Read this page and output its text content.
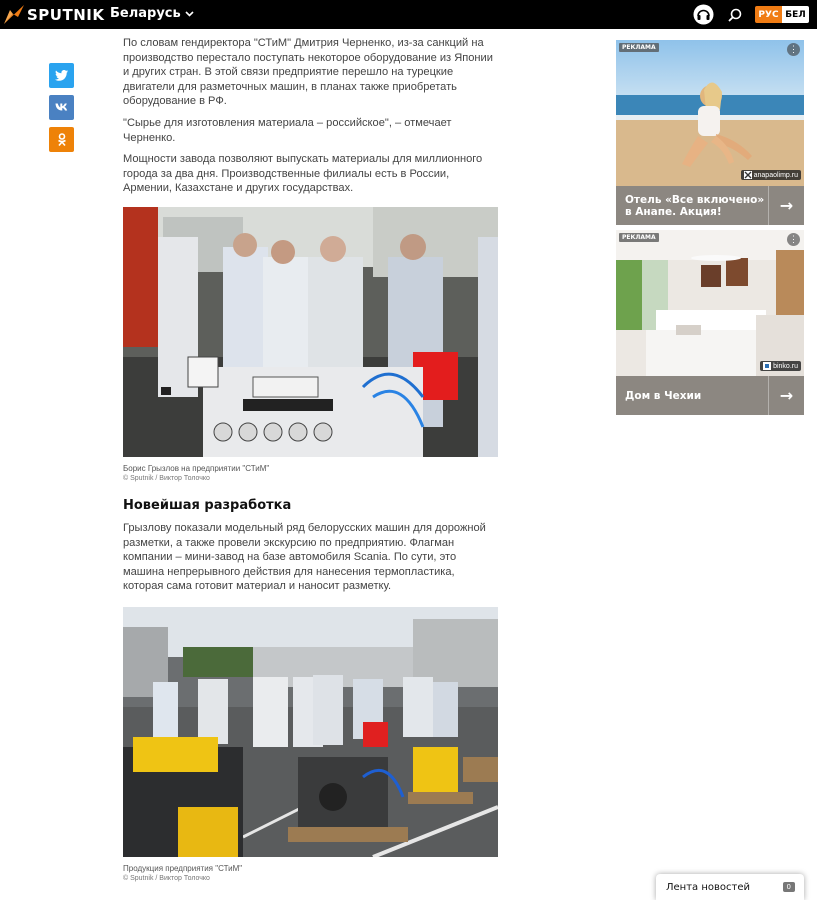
SPUTNIK Беларусь	РУС БЕЛ

По словам гендиректора "СТиМ" Дмитрия Черненко, из-за санкций на производство перестало поступать некоторое оборудование из Японии и других стран. В этой связи предприятие перешло на турецкие двигатели для разметочных машин, в планах также приобретать оборудование в РФ.

"Сырье для изготовления материала – российское", – отмечает Черненко.

Мощности завода позволяют выпускать материалы для миллионного города за два дня. Производственные филиалы есть в России, Армении, Казахстане и других государствах.

Борис Грызлов на предприятии "СТиМ"
© Sputnik / Виктор Толочко
Новейшая разработка

Грызлову показали модельный ряд белорусских машин для дорожной разметки, а также провели экскурсию по предприятию. Флагман компании – мини-завод на базе автомобиля Scania. По сути, это машина непрерывного действия для нанесения термопластика, которая сама готовит материал и наносит разметку.

Продукция предприятия "СТиМ"
© Sputnik / Виктор Толочко
РЕКЛАМА	⋮
anapaolimp.ru
Отель «Все включено»
в Анапе. Акция!	→
РЕКЛАМА	⋮
binko.ru
Дом в Чехии	→
Лента новостей	0
